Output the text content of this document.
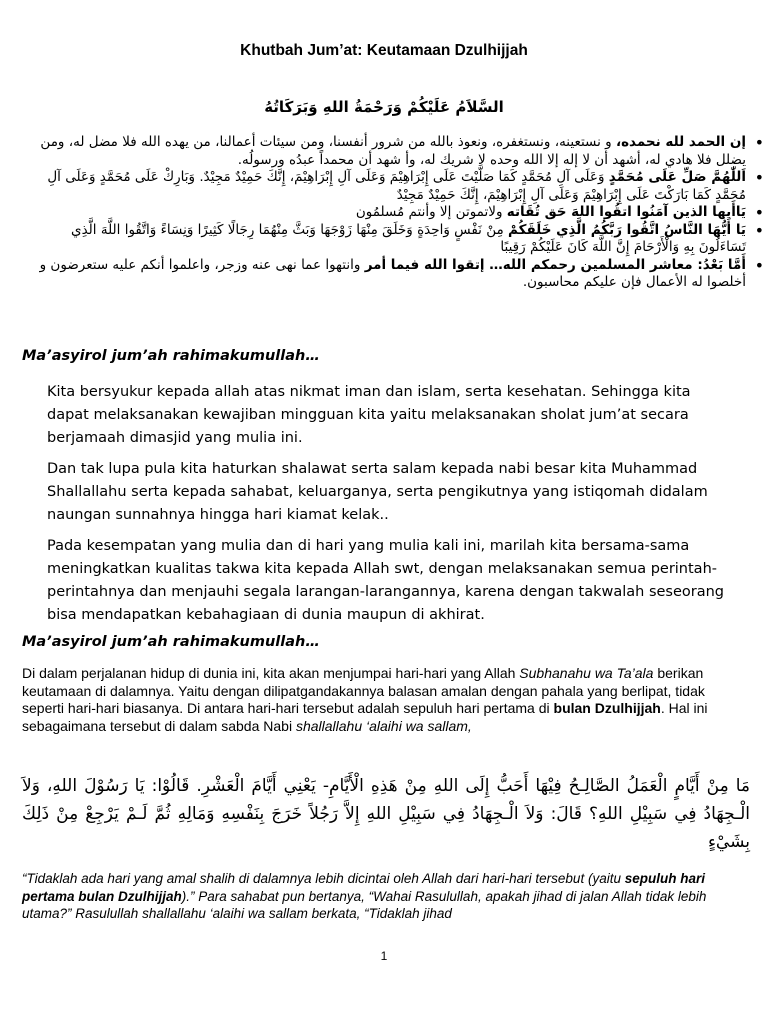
Khutbah Jum’at: Keutamaan Dzulhijjah
السَّلاَمُ عَلَيْكُمْ وَرَحْمَةُ اللهِ وَبَرَكَاتُهُ
• إن الحمد لله نحمده، و نستعينه، ونستغفره، ونعوذ بالله من شرور أنفسنا، ومن سيئات أعمالنا، من يهده الله فلا مضل له، ومن يضلل فلا هادي له، أشهد أن لا إله إلا الله وحده لا شريك له، وأ شهد أن محمداً عبدُه ورسولُه.
• اَللّٰهُمَّ صَلِّ عَلَى مُحَمَّدٍ وَعَلَى آلِ مُحَمَّدٍ كَمَا صَلَّيْتَ عَلَى إِبْرَاهِيْمَ وَعَلَى آلِ إِبْرَاهِيْمَ، إِنَّكَ حَمِيْدٌ مَجِيْدٌ. وَبَارِكْ عَلَى مُحَمَّدٍ وَعَلَى آلِ مُحَمَّدٍ كَمَا بَارَكْتَ عَلَى إِبْرَاهِيْمَ وَعَلَى آلِ إِبْرَاهِيْمَ، إِنَّكَ حَمِيْدٌ مَجِيْدٌ
• يَاأَيها الذين آمَنُوا اتقُوا اللهَ حَق تُقَاته ولاتموتن إلا وأنتم مُسلمُون
• يَا أَيُّهَا النَّاسُ اتَّقُوا رَبَّكُمُ الَّذِي خَلَقَكُمْ مِنْ نَفْسٍ وَاحِدَةٍ وَخَلَقَ مِنْهَا زَوْجَهَا وَبَثَّ مِنْهُمَا رِجَالًا كَثِيرًا وَنِسَاءً وَاتَّقُوا اللَّهَ الَّذِي تَسَاءَلُونَ بِهِ وَالْأَرْحَامَ إِنَّ اللَّهَ كَانَ عَلَيْكُمْ رَقِيبًا
• أَمَّا بَعْدُ: معاشر المسلمين رحمكم الله… إتقوا الله فيما أمر وانتهوا عما نهى عنه وزجر، واعلموا أنكم عليه ستعرضون و أخلصوا له الأعمال فإن عليكم محاسبون.
Ma’asyirol jum’ah rahimakumullah…

Kita bersyukur kepada allah atas nikmat iman dan islam, serta kesehatan. Sehingga kita dapat melaksanakan kewajiban mingguan kita yaitu melaksanakan sholat jum’at secara berjamaah dimasjid yang mulia ini.

Dan tak lupa pula kita haturkan shalawat serta salam kepada nabi besar kita Muhammad Shallallahu serta kepada sahabat, keluarganya, serta pengikutnya yang istiqomah didalam naungan sunnahnya hingga hari kiamat kelak..

Pada kesempatan yang mulia dan di hari yang mulia kali ini, marilah kita bersama-sama meningkatkan kualitas takwa kita kepada Allah swt, dengan melaksanakan semua perintah-perintahnya dan menjauhi segala larangan-larangannya, karena dengan takwalah seseorang bisa mendapatkan kebahagiaan di dunia maupun di akhirat.

Ma’asyirol jum’ah rahimakumullah…

Di dalam perjalanan hidup di dunia ini, kita akan menjumpai hari-hari yang Allah Subhanahu wa Ta’ala berikan keutamaan di dalamnya. Yaitu dengan dilipatgandakannya balasan amalan dengan pahala yang berlipat, tidak seperti hari-hari biasanya. Di antara hari-hari tersebut adalah sepuluh hari pertama di bulan Dzulhijjah. Hal ini sebagaimana tersebut di dalam sabda Nabi shallallahu ‘alaihi wa sallam,

مَا مِنْ أَيَّامٍ الْعَمَلُ الصَّالِـحُ فِيْهَا أَحَبُّ إِلَى اللهِ مِنْ هَذِهِ الْأَيَّامِ- يَعْنِي أَيَّامَ الْعَشْرِ. قَالُوْا: يَا رَسُوْلَ اللهِ، وَلاَ الْـجِهَادُ فِي سَبِيْلِ اللهِ؟ قَالَ: وَلاَ الْـجِهَادُ فِي سَبِيْلِ اللهِ إِلاَّ رَجُلاً خَرَجَ بِنَفْسِهِ وَمَالِهِ ثُمَّ لَـمْ يَرْجِعْ مِنْ ذَلِكَ بِشَيْءٍ

“Tidaklah ada hari yang amal shalih di dalamnya lebih dicintai oleh Allah dari hari-hari tersebut (yaitu sepuluh hari pertama bulan Dzulhijjah).” Para sahabat pun bertanya, “Wahai Rasulullah, apakah jihad di jalan Allah tidak lebih utama?” Rasulullah shallallahu ‘alaihi wa sallam berkata, “Tidaklah jihad

1
